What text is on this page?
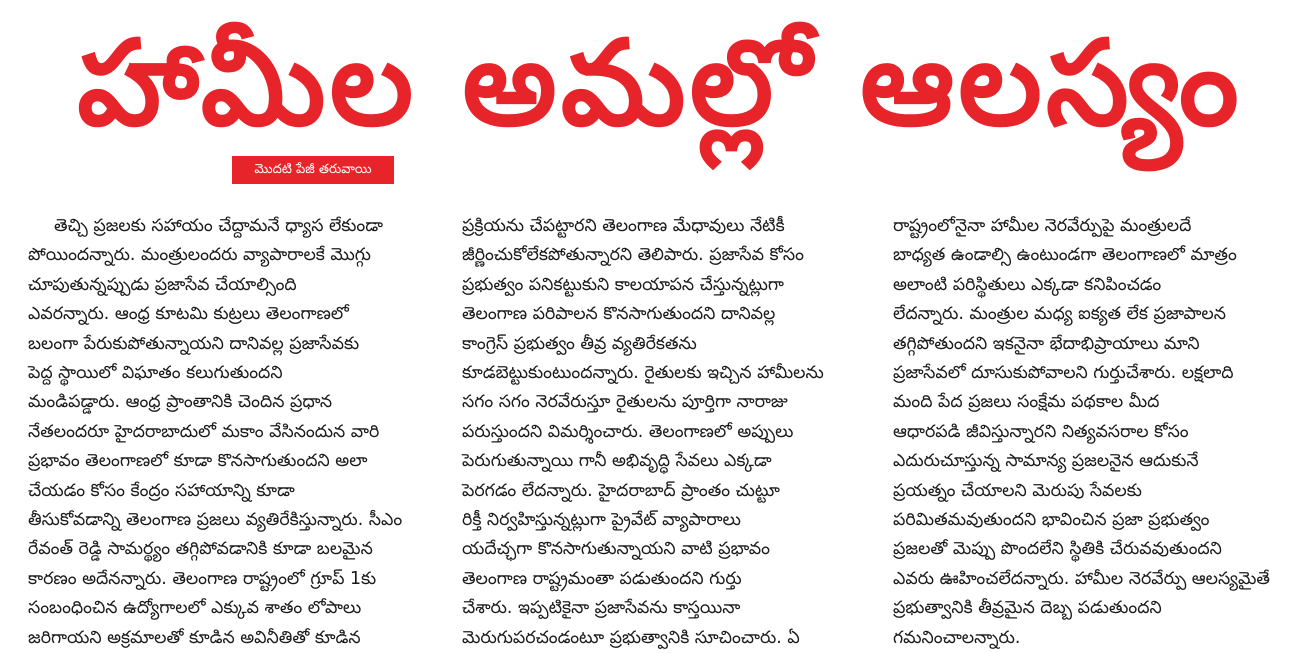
హామీల అమల్లో ఆలస్యం
మొదటి పేజీ తరువాయి
తెచ్చి ప్రజలకు సహాయం చేద్దామనే ధ్యాస లేకుండా
పోయిందన్నారు. మంత్రులందరు వ్యాపారాలకే మొగ్గు
చూపుతున్నప్పుడు ప్రజాసేవ చేయాల్సింది
ఎవరన్నారు. ఆంధ్ర కూటమి కుట్రలు తెలంగాణలో
బలంగా పేరుకుపోతున్నాయని దానివల్ల ప్రజాసేవకు
పెద్ద స్థాయిలో విఘాతం కలుగుతుందని
మండిపడ్డారు. ఆంధ్ర ప్రాంతానికి చెందిన ప్రధాన
నేతలందరూ హైదరాబాదులో మకాం వేసినందున వారి
ప్రభావం తెలంగాణలో కూడా కొనసాగుతుందని అలా
చేయడం కోసం కేంద్రం సహాయాన్ని కూడా
తీసుకోవడాన్ని తెలంగాణ ప్రజలు వ్యతిరేకిస్తున్నారు. సీఎం
రేవంత్ రెడ్డి సామర్థ్యం తగ్గిపోవడానికి కూడా బలమైన
కారణం అదేనన్నారు. తెలంగాణ రాష్ట్రంలో గ్రూప్ 1కు
సంబంధించిన ఉద్యోగాలలో ఎక్కువ శాతం లోపాలు
జరిగాయని అక్రమాలతో కూడిన అవినీతితో కూడిన
ప్రక్రియను చేపట్టారని తెలంగాణ మేధావులు నేటికీ
జీర్ణించుకోలేకపోతున్నారని తెలిపారు. ప్రజాసేవ కోసం
ప్రభుత్వం పనికట్టుకుని కాలయాపన చేస్తున్నట్లుగా
తెలంగాణ పరిపాలన కొనసాగుతుందని దానివల్ల
కాంగ్రెస్ ప్రభుత్వం తీవ్ర వ్యతిరేకతను
కూడబెట్టుకుంటుందన్నారు. రైతులకు ఇచ్చిన హామీలను
సగం సగం నెరవేరుస్తూ రైతులను పూర్తిగా నారాజు
పరుస్తుందని విమర్శించారు. తెలంగాణలో అప్పులు
పెరుగుతున్నాయి గానీ అభివృద్ధి సేవలు ఎక్కడా
పెరగడం లేదన్నారు. హైదరాబాద్ ప్రాంతం చుట్టూ
రిక్తీ నిర్వహిస్తున్నట్లుగా ప్రైవేట్ వ్యాపారాలు
యదేచ్ఛగా కొనసాగుతున్నాయని వాటి ప్రభావం
తెలంగాణ రాష్ట్రమంతా పడుతుందని గుర్తు
చేశారు. ఇప్పటికైనా ప్రజాసేవను కాస్తయినా
మెరుగుపరచండంటూ ప్రభుత్వానికి సూచించారు. ఏ
రాష్ట్రంలోనైనా హామీల నెరవేర్పుపై మంత్రులదే
బాధ్యత ఉండాల్సి ఉంటుండగా తెలంగాణలో మాత్రం
అలాంటి పరిస్థితులు ఎక్కడా కనిపించడం
లేదన్నారు. మంత్రుల మధ్య ఐక్యత లేక ప్రజాపాలన
తగ్గిపోతుందని ఇకనైనా భేదాభిప్రాయాలు మాని
ప్రజాసేవలో దూసుకుపోవాలని గుర్తుచేశారు. లక్షలాది
మంది పేద ప్రజలు సంక్షేమ పథకాల మీద
ఆధారపడి జీవిస్తున్నారని నిత్యవసరాల కోసం
ఎదురుచూస్తున్న సామాన్య ప్రజలనైన ఆదుకునే
ప్రయత్నం చేయాలని మెరుపు సేవలకు
పరిమితమవుతుందని భావించిన ప్రజా ప్రభుత్వం
ప్రజలతో మెప్పు పొందలేని స్థితికి చేరువవుతుందని
ఎవరు ఊహించలేదన్నారు. హామీల నెరవేర్పు ఆలస్యమైతే
ప్రభుత్వానికి తీవ్రమైన దెబ్బ పడుతుందని
గమనించాలన్నారు.
